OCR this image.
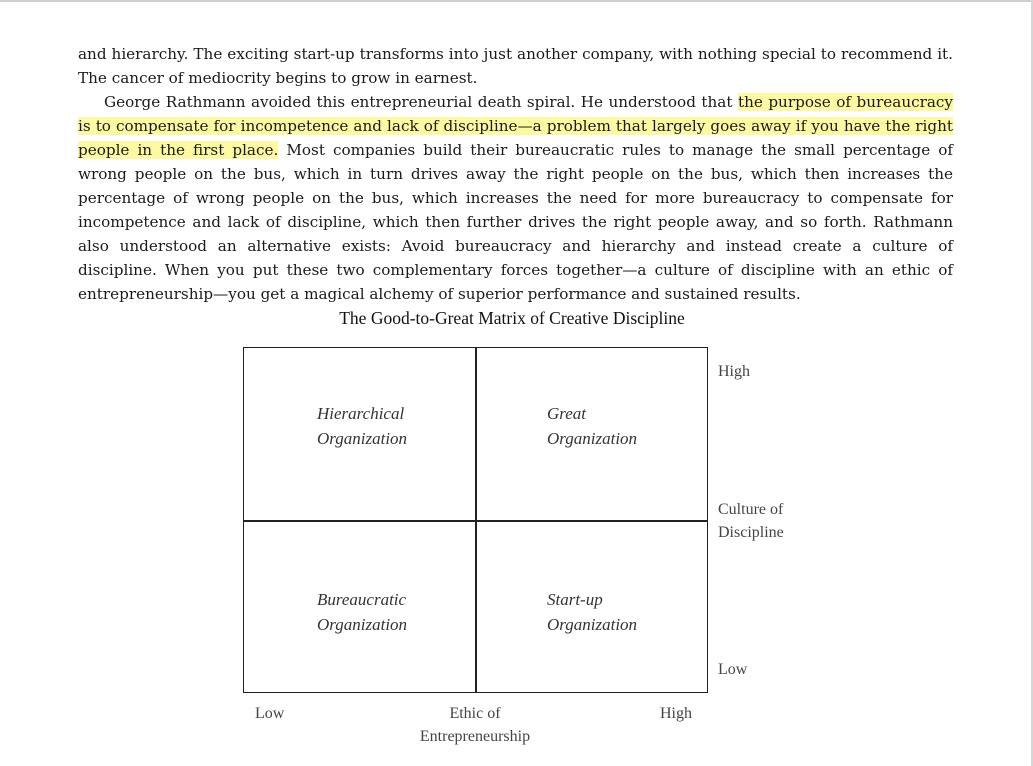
and hierarchy. The exciting start-up transforms into just another company, with nothing special to recommend it. The cancer of mediocrity begins to grow in earnest.

George Rathmann avoided this entrepreneurial death spiral. He understood that the purpose of bureaucracy is to compensate for incompetence and lack of discipline—a problem that largely goes away if you have the right people in the first place. Most companies build their bureaucratic rules to manage the small percentage of wrong people on the bus, which in turn drives away the right people on the bus, which then increases the percentage of wrong people on the bus, which increases the need for more bureaucracy to compensate for incompetence and lack of discipline, which then further drives the right people away, and so forth. Rathmann also understood an alternative exists: Avoid bureaucracy and hierarchy and instead create a culture of discipline. When you put these two complementary forces together—a culture of discipline with an ethic of entrepreneurship—you get a magical alchemy of superior performance and sustained results.

The Good-to-Great Matrix of Creative Discipline
Hierarchical
Organization
Great
Organization
Bureaucratic
Organization
Start-up
Organization
High
Culture of
Discipline
Low
Low	Ethic of
Entrepreneurship
High
